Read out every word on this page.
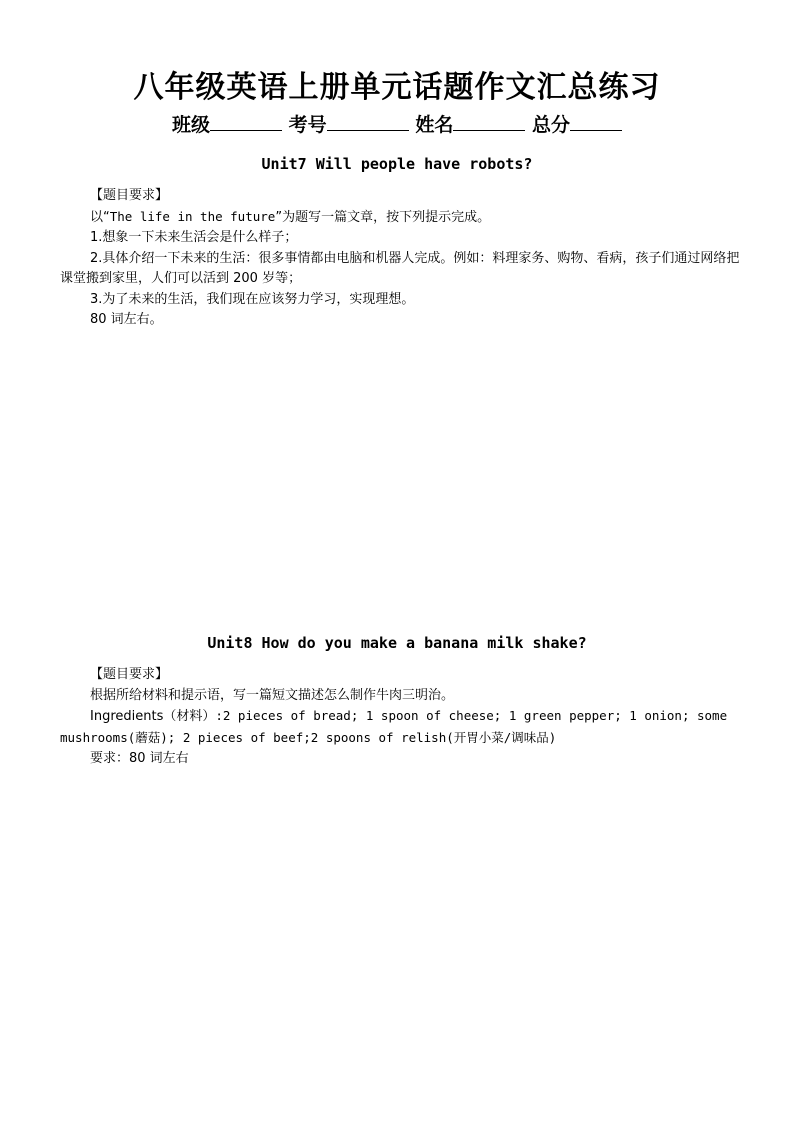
八年级英语上册单元话题作文汇总练习
班级	考号	姓名	总分
Unit7 Will people have robots?

【题目要求】

以“The life in the future”为题写一篇文章，按下列提示完成。

1.想象一下未来生活会是什么样子；

2.具体介绍一下未来的生活：很多事情都由电脑和机器人完成。例如：料理家务、购物、看病，孩子们通过网络把课堂搬到家里，人们可以活到 200 岁等；

3.为了未来的生活，我们现在应该努力学习，实现理想。

80 词左右。

Unit8 How do you make a banana milk shake?

【题目要求】

根据所给材料和提示语，写一篇短文描述怎么制作牛肉三明治。

Ingredients（材料）:2 pieces of bread; 1 spoon of cheese; 1 green pepper; 1 onion; some mushrooms(蘑菇); 2 pieces of beef;2 spoons of relish(开胃小菜/调味品)

要求：80 词左右
